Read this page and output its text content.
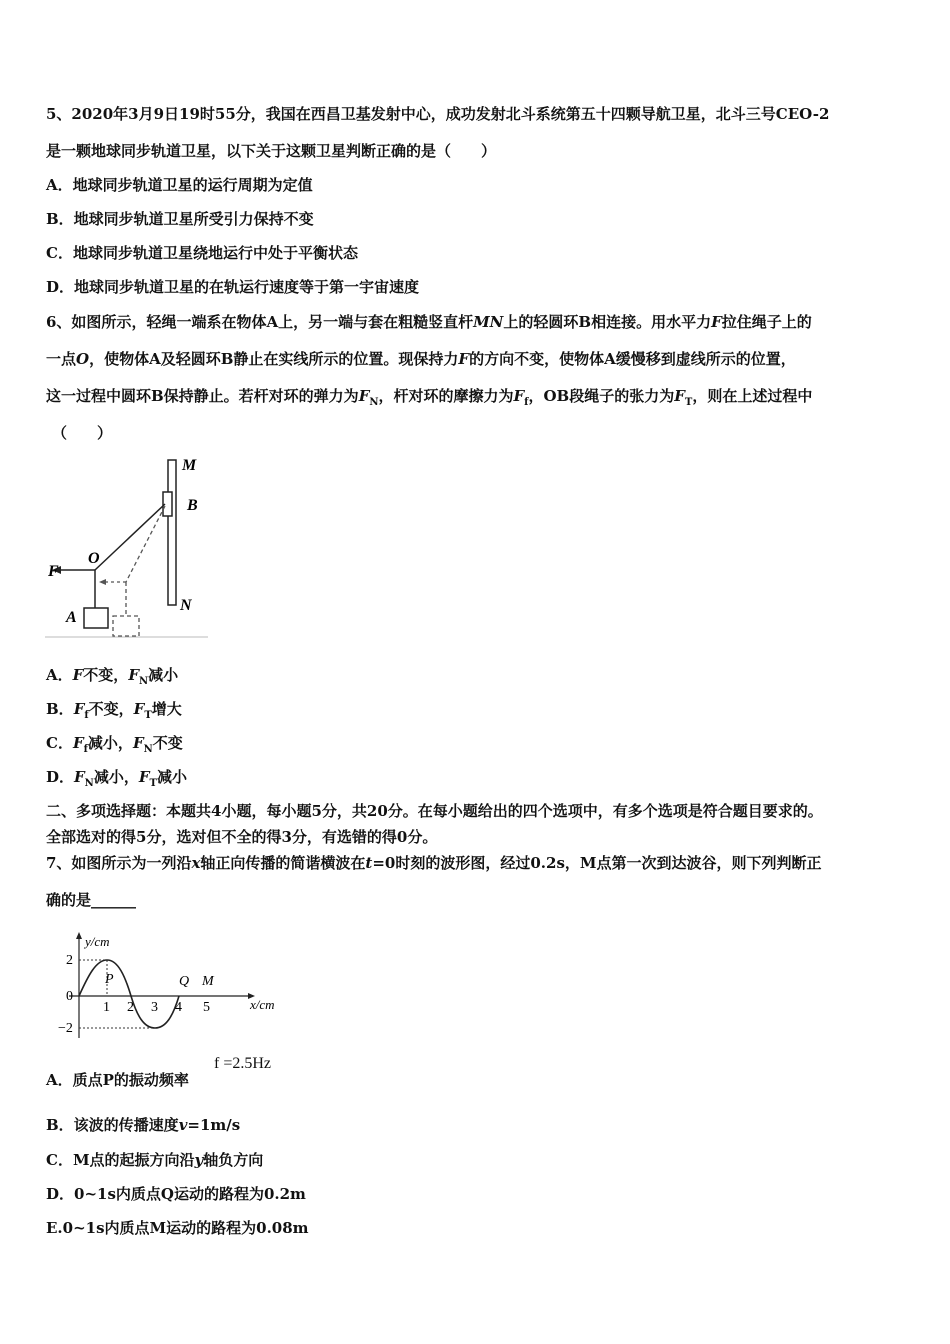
5、2020年3月9日19时55分，我国在西昌卫基发射中心，成功发射北斗系统第五十四颗导航卫星，北斗三号CEO-2
是一颗地球同步轨道卫星，以下关于这颗卫星判断正确的是（　　）
A．地球同步轨道卫星的运行周期为定值
B．地球同步轨道卫星所受引力保持不变
C．地球同步轨道卫星绕地运行中处于平衡状态
D．地球同步轨道卫星的在轨运行速度等于第一宇宙速度
6、如图所示，轻绳一端系在物体A上，另一端与套在粗糙竖直杆MN上的轻圆环B相连接。用水平力F拉住绳子上的
一点O，使物体A及轻圆环B静止在实线所示的位置。现保持力F的方向不变，使物体A缓慢移到虚线所示的位置，
这一过程中圆环B保持静止。若杆对环的弹力为$F_N$，杆对环的摩擦力为$F_f$，OB段绳子的张力为$F_T$，则在上述过程中
（　　）
M
B
F
O
A
N
A．F不变，$F_N$减小
B．$F_f$不变，$F_T$增大
C．$F_f$减小，$F_N$不变
D．$F_N$减小，$F_T$减小
二、多项选择题：本题共4小题，每小题5分，共20分。在每小题给出的四个选项中，有多个选项是符合题目要求的。
全部选对的得5分，选对但不全的得3分，有选错的得0分。
7、如图所示为一列沿x轴正向传播的简谐横波在t=0时刻的波形图，经过0.2s，M点第一次到达波谷，则下列判断正
确的是______
P	Q M
y/cm
x/cm
2
0
−2
1 2 3 4 5
A．质点P的振动频率
f =2.5Hz
B．该波的传播速度v=1m/s
C．M点的起振方向沿y轴负方向
D．0~1s内质点Q运动的路程为0.2m
E.0~1s内质点M运动的路程为0.08m
